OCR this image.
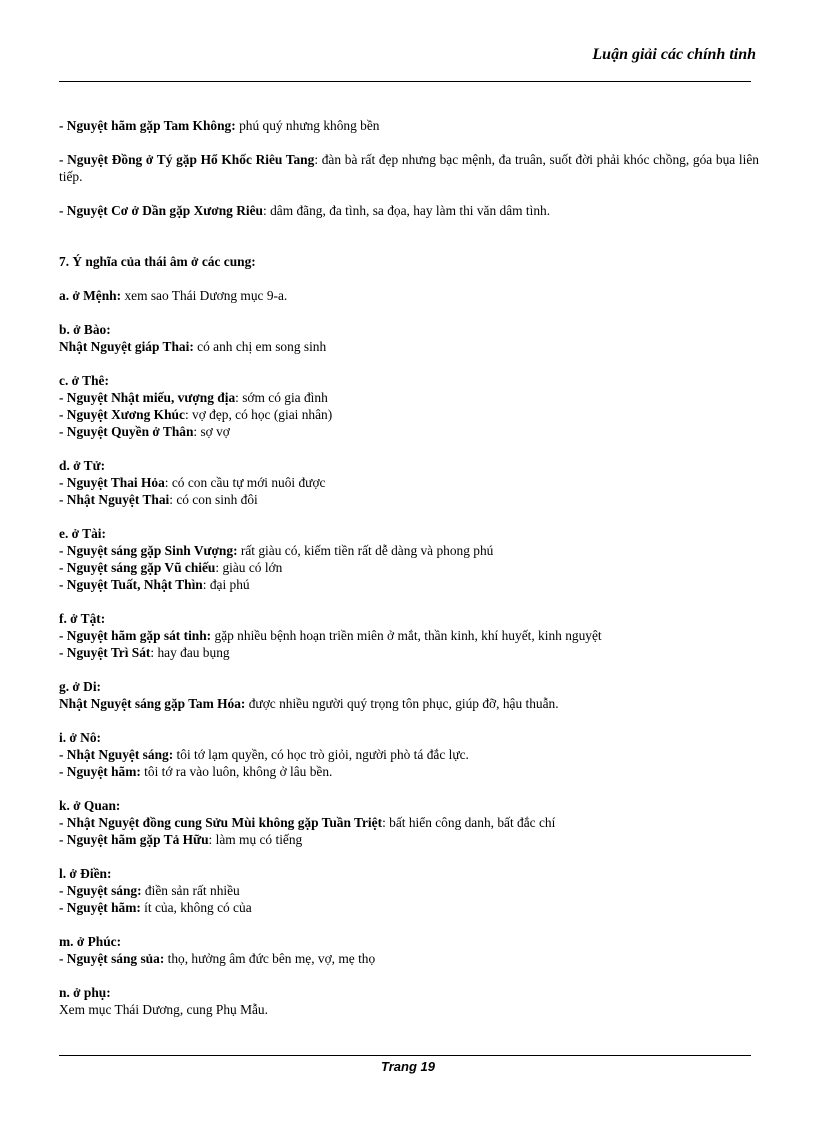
Luận giải các chính tinh

- Nguyệt hãm gặp Tam Không: phú quý nhưng không bền

- Nguyệt Đồng ở Tý gặp Hổ Khốc Riêu Tang: đàn bà rất đẹp nhưng bạc mệnh, đa truân, suốt đời phải khóc chồng, góa bụa liên tiếp.

- Nguyệt Cơ ở Dần gặp Xương Riêu: dâm đãng, đa tình, sa đọa, hay làm thi văn dâm tình.

7. Ý nghĩa của thái âm ở các cung:

a. ở Mệnh: xem sao Thái Dương mục 9-a.

b. ở Bào:
Nhật Nguyệt giáp Thai: có anh chị em song sinh

c. ở Thê:
- Nguyệt Nhật miếu, vượng địa: sớm có gia đình
- Nguyệt Xương Khúc: vợ đẹp, có học (giai nhân)
- Nguyệt Quyền ở Thân: sợ vợ

d. ở Tử:
- Nguyệt Thai Hỏa: có con cầu tự mới nuôi được
- Nhật Nguyệt Thai: có con sinh đôi

e. ở Tài:
- Nguyệt sáng gặp Sinh Vượng: rất giàu có, kiếm tiền rất dễ dàng và phong phú
- Nguyệt sáng gặp Vũ chiếu: giàu có lớn
- Nguyệt Tuất, Nhật Thìn: đại phú

f. ở Tật:
- Nguyệt hãm gặp sát tinh: gặp nhiều bệnh hoạn triền miên ở mắt, thần kinh, khí huyết, kinh nguyệt
- Nguyệt Trì Sát: hay đau bụng

g. ở Di:
Nhật Nguyệt sáng gặp Tam Hóa: được nhiều người quý trọng tôn phục, giúp đỡ, hậu thuẫn.

i. ở Nô:
- Nhật Nguyệt sáng: tôi tớ lạm quyền, có học trò giỏi, người phò tá đắc lực.
- Nguyệt hãm: tôi tớ ra vào luôn, không ở lâu bền.

k. ở Quan:
- Nhật Nguyệt đồng cung Sửu Mùi không gặp Tuần Triệt: bất hiển công danh, bất đắc chí
- Nguyệt hãm gặp Tả Hữu: làm mụ có tiếng

l. ở Điền:
- Nguyệt sáng: điền sản rất nhiều
- Nguyệt hãm: ít của, không có của

m. ở Phúc:
- Nguyệt sáng sủa: thọ, hưởng âm đức bên mẹ, vợ, mẹ thọ

n. ở phụ:
Xem mục Thái Dương, cung Phụ Mẫu.

Trang 19
